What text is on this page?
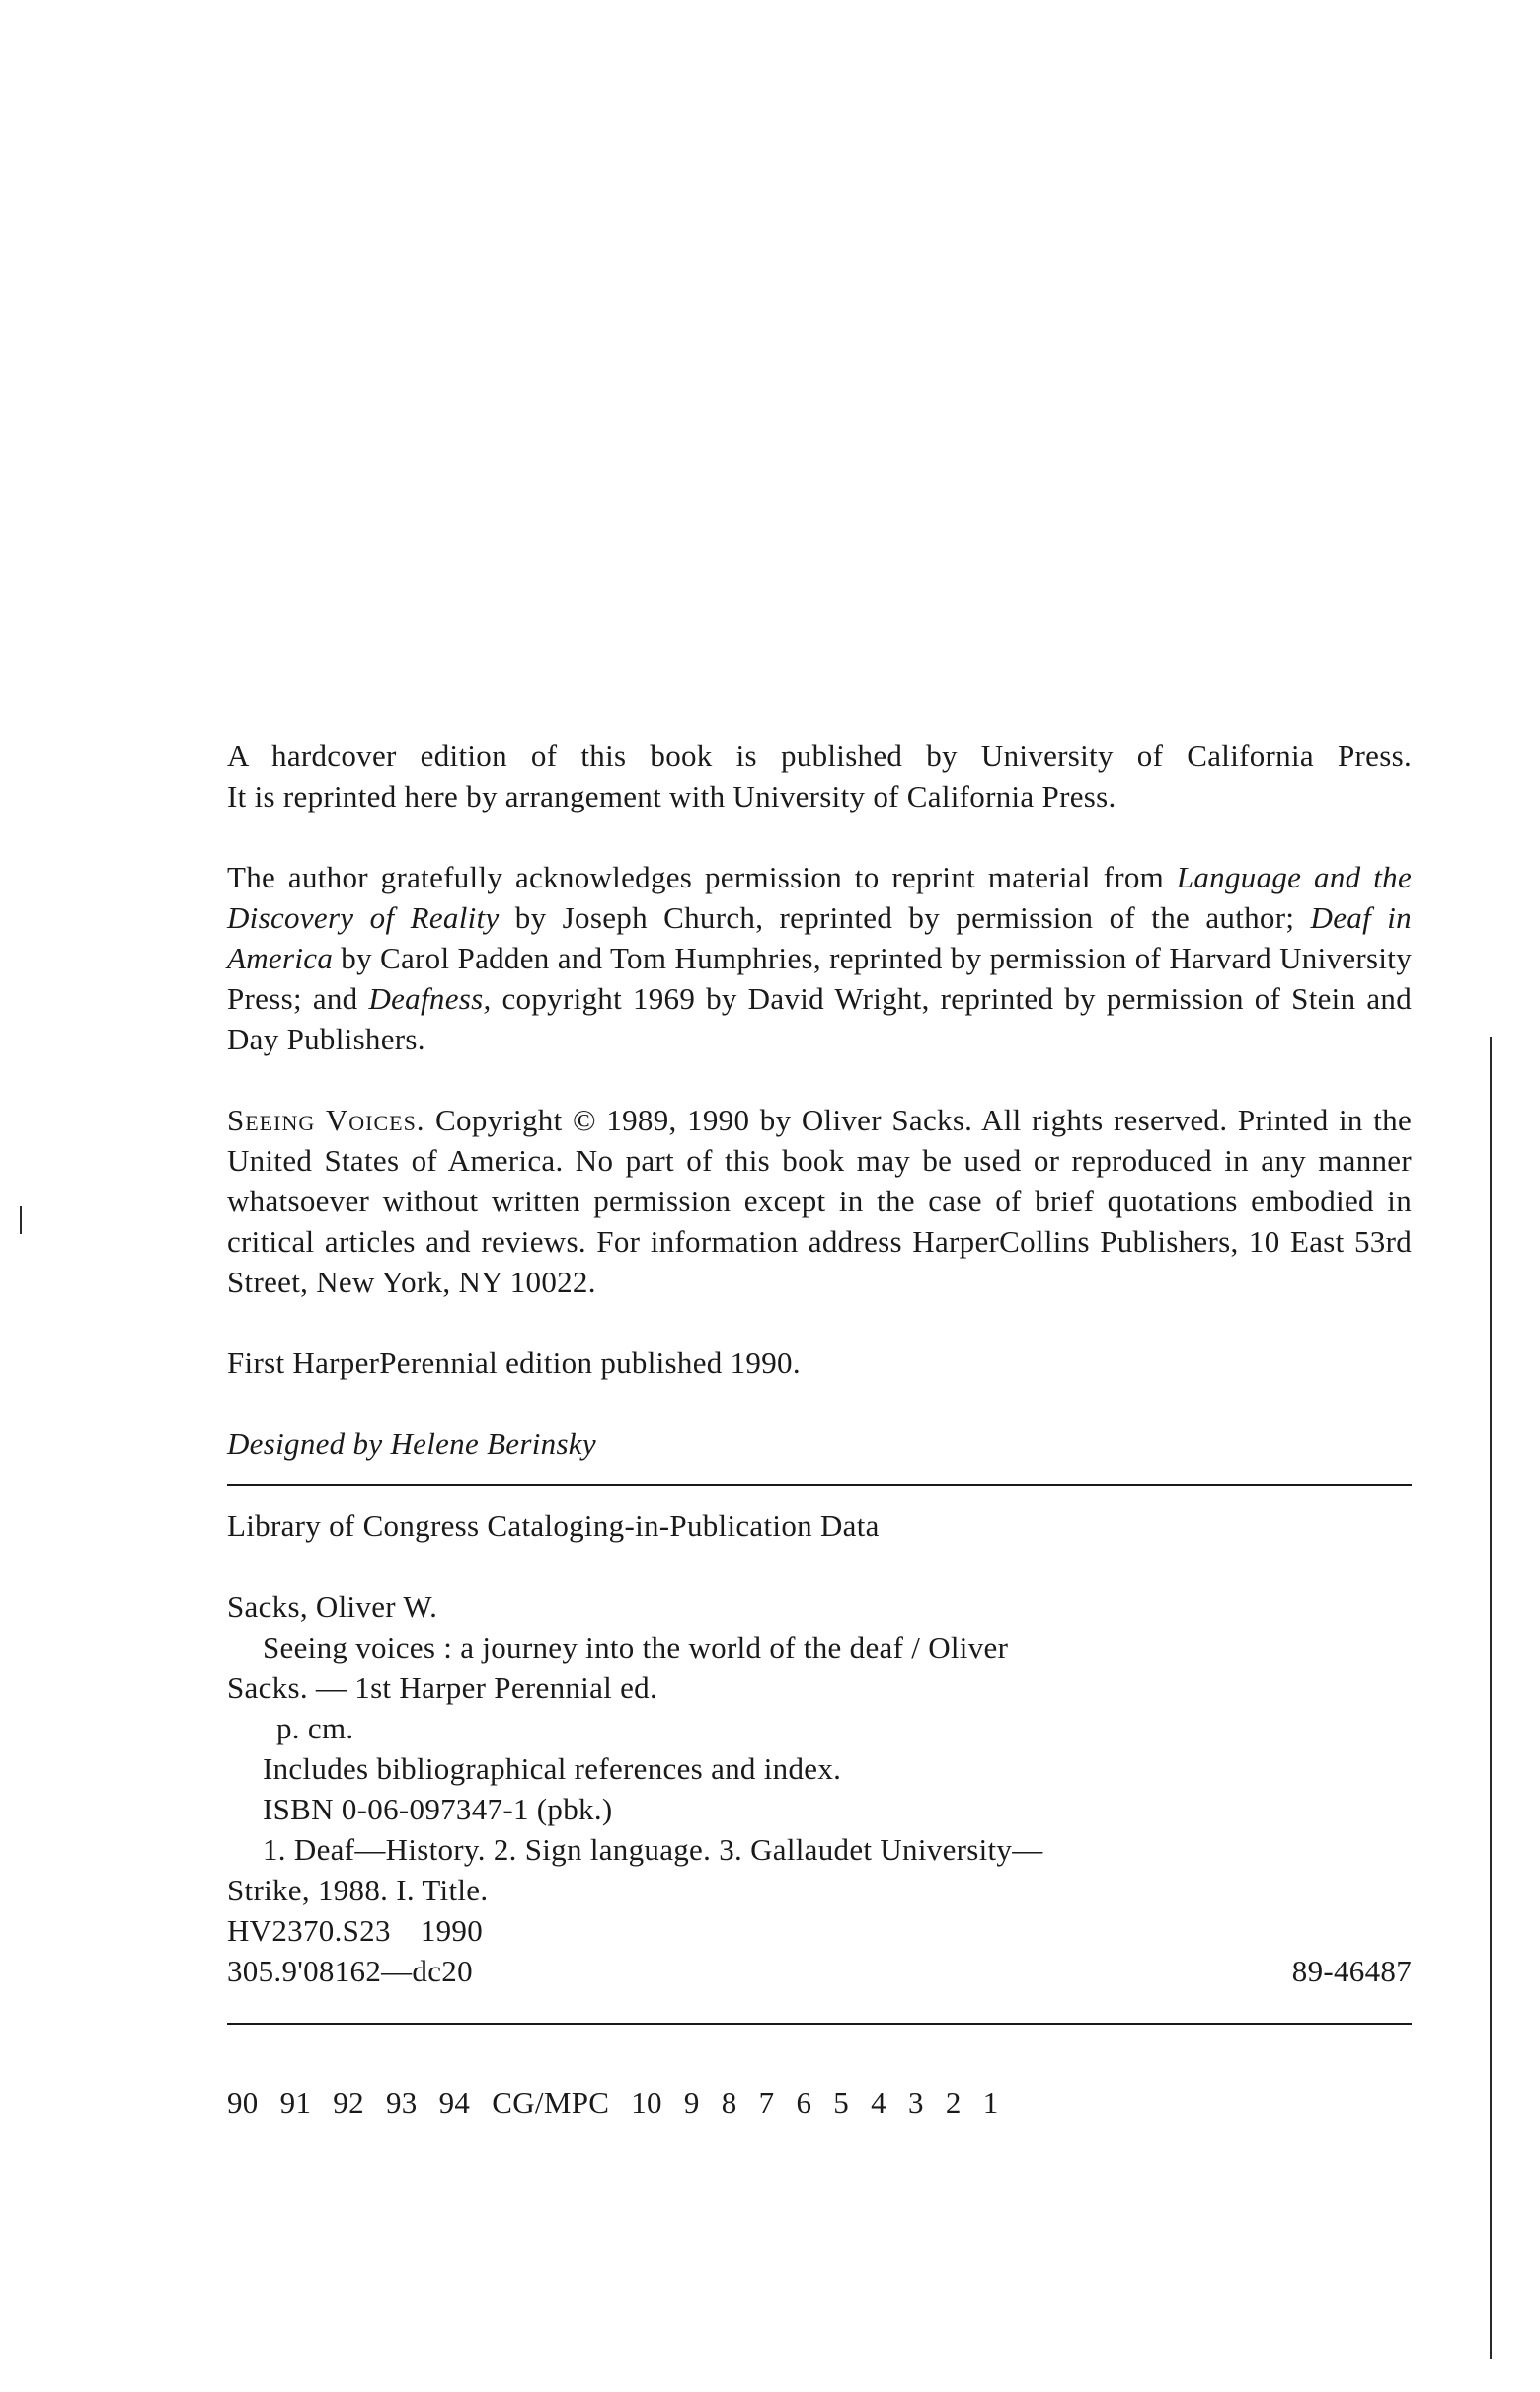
A hardcover edition of this book is published by University of California Press.
It is reprinted here by arrangement with University of California Press.

The author gratefully acknowledges permission to reprint material from Language and the Discovery of Reality by Joseph Church, reprinted by permission of the author; Deaf in America by Carol Padden and Tom Humphries, reprinted by permission of Harvard University Press; and Deafness, copyright 1969 by David Wright, reprinted by permission of Stein and Day Publishers.

Seeing Voices. Copyright © 1989, 1990 by Oliver Sacks. All rights reserved. Printed in the United States of America. No part of this book may be used or reproduced in any manner whatsoever without written permission except in the case of brief quotations embodied in critical articles and reviews. For information address HarperCollins Publishers, 10 East 53rd Street, New York, NY 10022.

First HarperPerennial edition published 1990.

Designed by Helene Berinsky

Library of Congress Cataloging-in-Publication Data

Sacks, Oliver W.
Seeing voices : a journey into the world of the deaf / Oliver
Sacks. — 1st Harper Perennial ed.
p. cm.
Includes bibliographical references and index.
ISBN 0-06-097347-1 (pbk.)
1. Deaf—History. 2. Sign language. 3. Gallaudet University—
Strike, 1988. I. Title.
HV2370.S23 1990
305.9'08162—dc20	89-46487
90 91 92 93 94 CG/MPC 10 9 8 7 6 5 4 3 2 1
